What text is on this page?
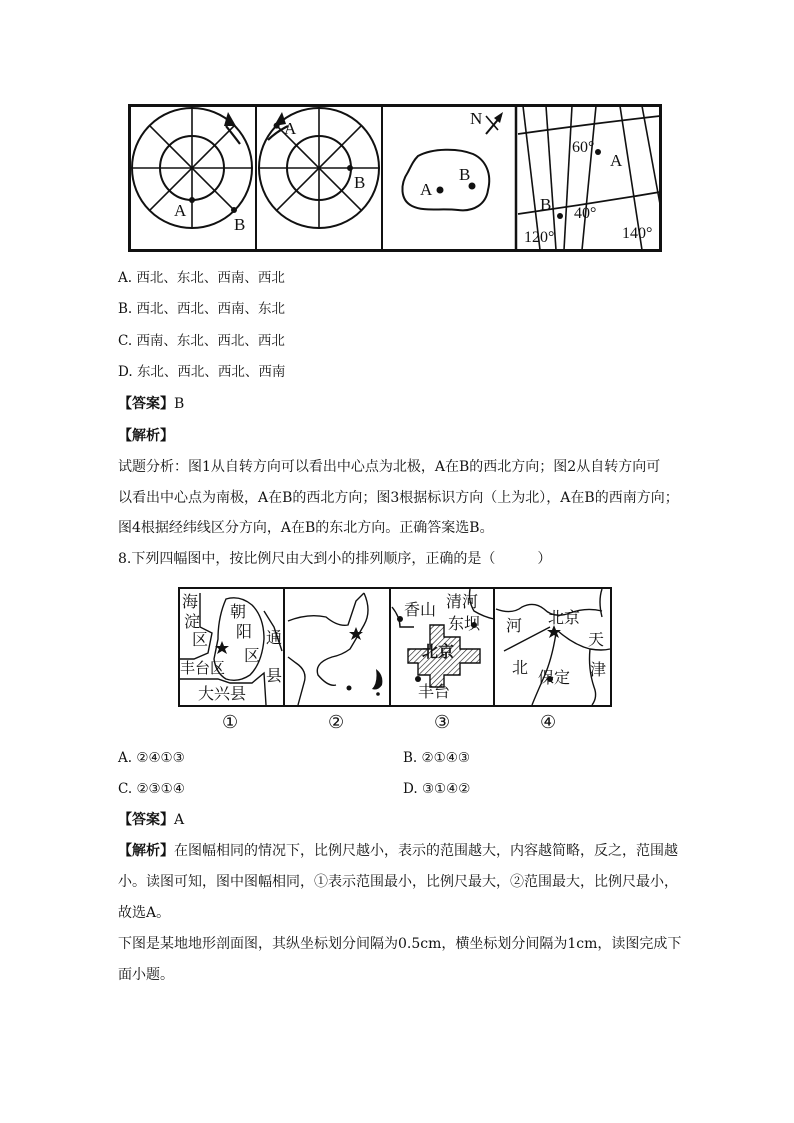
A
B
A
B
N
A
B
60°
A
B 40°
120°	140°
A. 西北、东北、西南、西北
B. 西北、西北、西南、东北
C. 西南、东北、西北、西北
D. 东北、西北、西北、西南
【答案】B
【解析】
试题分析：图1从自转方向可以看出中心点为北极，A在B的西北方向；图2从自转方向可
以看出中心点为南极，A在B的西北方向；图3根据标识方向（上为北），A在B的西南方向；
图4根据经纬线区分方向，A在B的东北方向。正确答案选B。
8.下列四幅图中，按比例尺由大到小的排列顺序，正确的是（　　　）
海
淀
区
朝
阳
区
丰台区
通
县
大兴县
香山 清河
东坝
北京
丰台
北京
河
天
北	津
保定
①	②	③	④
A. ②④①③	B. ②①④③
C. ②③①④	D. ③①④②
【答案】A
【解析】在图幅相同的情况下，比例尺越小，表示的范围越大，内容越简略，反之，范围越
小。读图可知，图中图幅相同，①表示范围最小，比例尺最大，②范围最大，比例尺最小，
故选A。
下图是某地地形剖面图，其纵坐标划分间隔为0.5cm，横坐标划分间隔为1cm，读图完成下
面小题。
